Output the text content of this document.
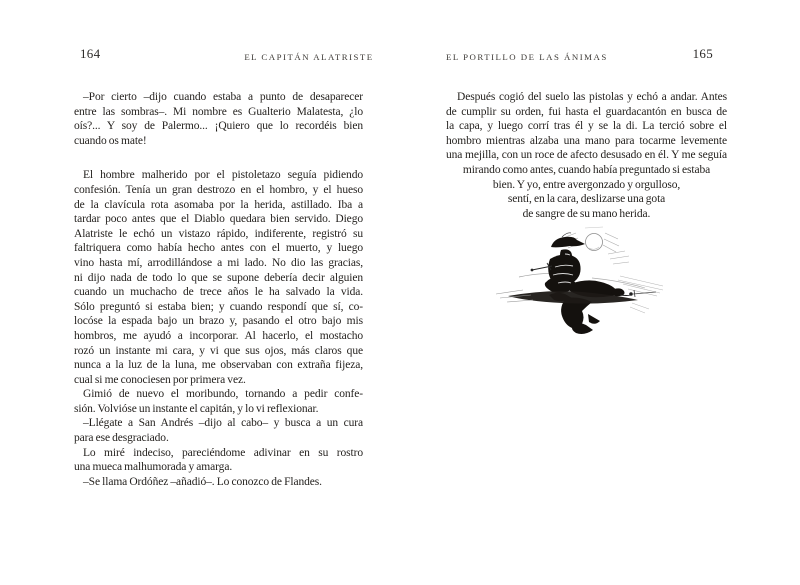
164	EL CAPITÁN ALATRISTE	EL PORTILLO DE LAS ÁNIMAS	165
–Por cierto –dijo cuando estaba a punto de desaparecer
entre las sombras–. Mi nombre es Gualterio Malatesta, ¿lo
oís?... Y soy de Palermo... ¡Quiero que lo recordéis bien
cuando os mate!
El hombre malherido por el pistoletazo seguía pidiendo
confesión. Tenía un gran destrozo en el hombro, y el hueso
de la clavícula rota asomaba por la herida, astillado. Iba a
tardar poco antes que el Diablo quedara bien servido. Diego
Alatriste le echó un vistazo rápido, indiferente, registró su
faltriquera como había hecho antes con el muerto, y luego
vino hasta mí, arrodillándose a mi lado. No dio las gracias,
ni dijo nada de todo lo que se supone debería decir alguien
cuando un muchacho de trece años le ha salvado la vida.
Sólo preguntó si estaba bien; y cuando respondí que sí, co-
locóse la espada bajo un brazo y, pasando el otro bajo mis
hombros, me ayudó a incorporar. Al hacerlo, el mostacho
rozó un instante mi cara, y vi que sus ojos, más claros que
nunca a la luz de la luna, me observaban con extraña fijeza,
cual si me conociesen por primera vez.
Gimió de nuevo el moribundo, tornando a pedir confe-
sión. Volvióse un instante el capitán, y lo vi reflexionar.
–Llégate a San Andrés –dijo al cabo– y busca a un cura
para ese desgraciado.
Lo miré indeciso, pareciéndome adivinar en su rostro
una mueca malhumorada y amarga.
–Se llama Ordóñez –añadió–. Lo conozco de Flandes.
Después cogió del suelo las pistolas y echó a andar. Antes
de cumplir su orden, fui hasta el guardacantón en busca de
la capa, y luego corrí tras él y se la di. La terció sobre el
hombro mientras alzaba una mano para tocarme levemente
una mejilla, con un roce de afecto desusado en él. Y me seguía
mirando como antes, cuando había preguntado si estaba
bien. Y yo, entre avergonzado y orgulloso,
sentí, en la cara, deslizarse una gota
de sangre de su mano herida.
